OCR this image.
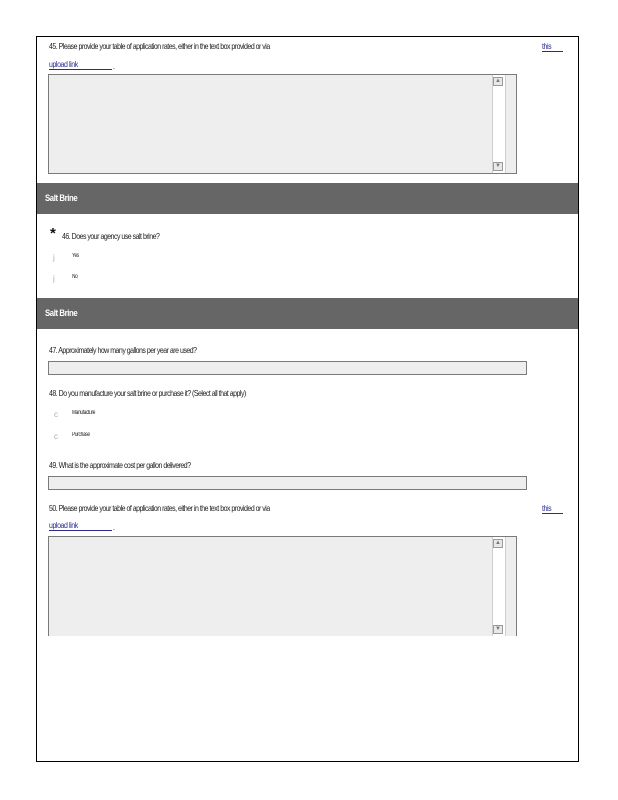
45. Please provide your table of application rates, either in the text box provided or via	this
upload link	.
▲
▼
Salt Brine
* 46. Does your agency use salt brine?
j	Yes
j	No
Salt Brine
47. Approximately how many gallons per year are used?
48. Do you manufacture your salt brine or purchase it? (Select all that apply)
c Manufacture
c Purchase
49. What is the approximate cost per gallon delivered?
50. Please provide your table of application rates, either in the text box provided or via	this
upload link	.
▲
▼
